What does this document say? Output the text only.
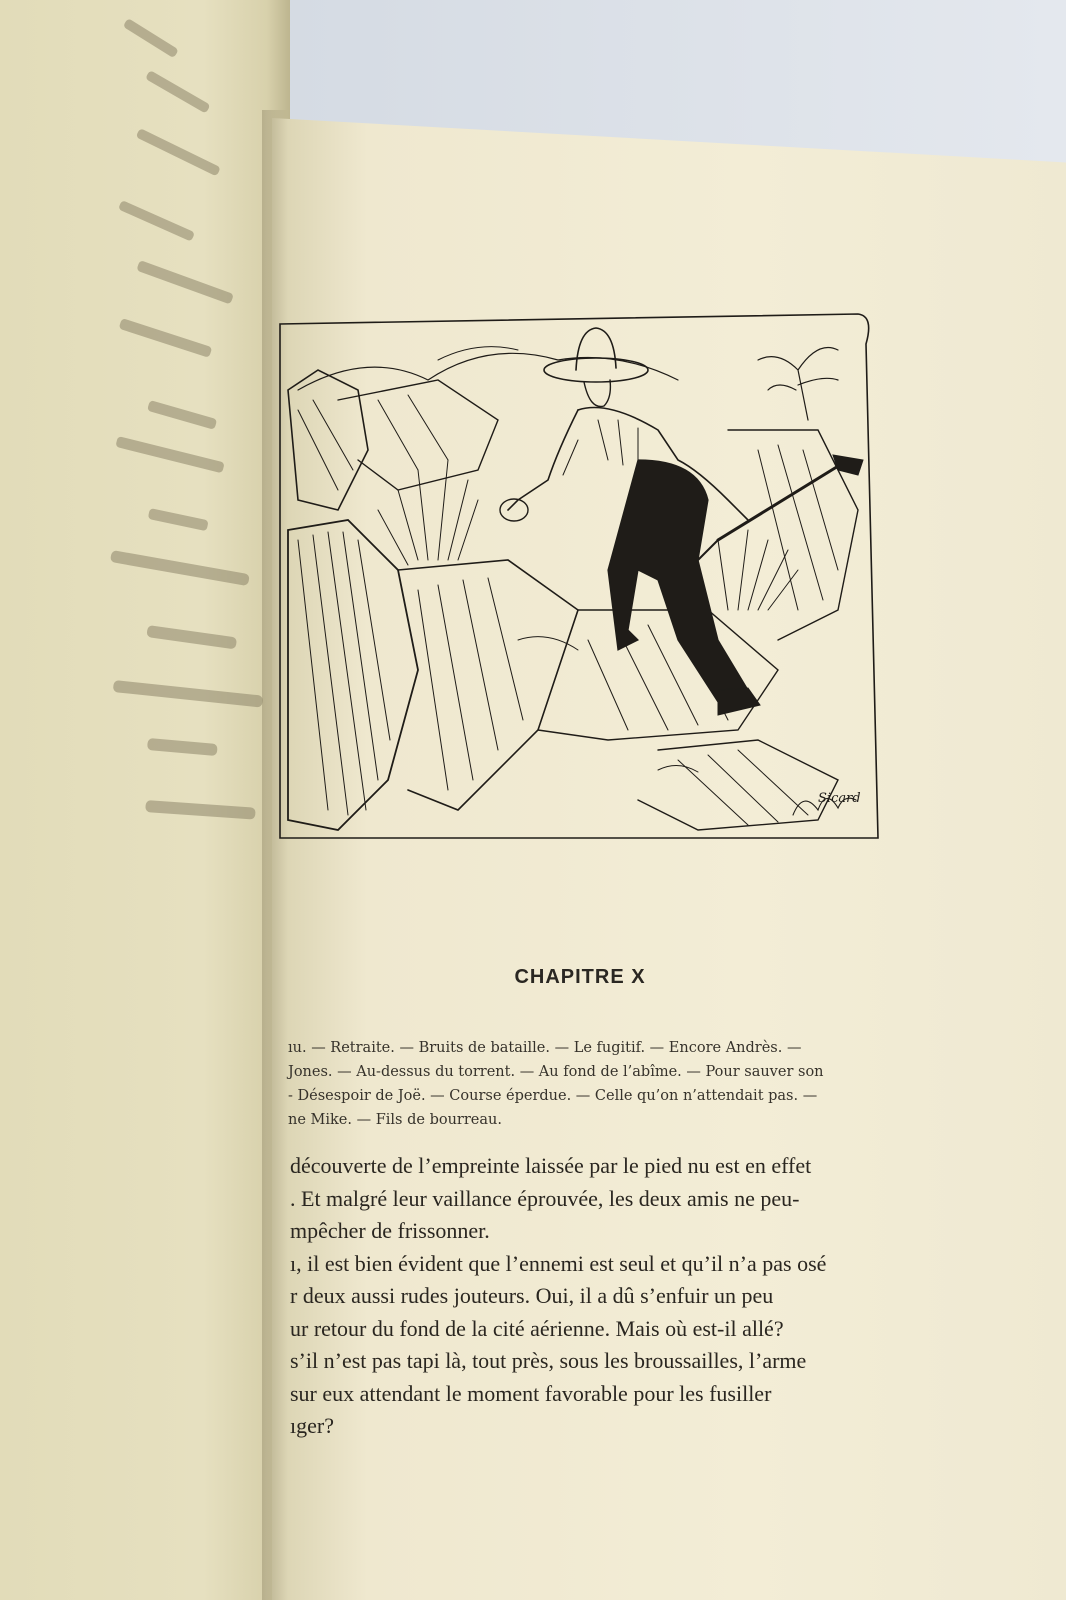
Sicard
CHAPITRE X
ıu. — Retraite. — Bruits de bataille. — Le fugitif. — Encore Andrès. —
Jones. — Au-dessus du torrent. — Au fond de l’abîme. — Pour sauver son
- Désespoir de Joë. — Course éperdue. — Celle qu’on n’attendait pas. —
ne Mike. — Fils de bourreau.
découverte de l’empreinte laissée par le pied nu est en effet
. Et malgré leur vaillance éprouvée, les deux amis ne peu-
mpêcher de frissonner.
ı, il est bien évident que l’ennemi est seul et qu’il n’a pas osé
r deux aussi rudes jouteurs. Oui, il a dû s’enfuir un peu
ur retour du fond de la cité aérienne. Mais où est-il allé?
s’il n’est pas tapi là, tout près, sous les broussailles, l’arme
sur eux attendant le moment favorable pour les fusiller
ıger?
